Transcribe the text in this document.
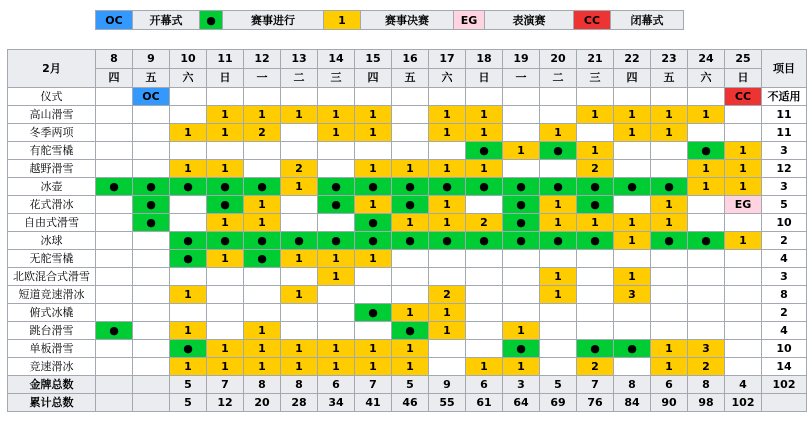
OC	开幕式	●	赛事进行	1	赛事决赛	EG	表演赛	CC	闭幕式
2月	8	9	10	11	12	13	14	15	16	17	18	19	20	21	22	23	24	25	项目
	四	五	六	日	一	二	三	四	五	六	日	一	二	三	四	五	六	日	
仪式		OC																CC	不适用
高山滑雪				1	1	1	1	1		1	1			1	1	1	1		11
冬季两项			1	1	2		1	1		1	1		1		1	1			11
有舵雪橇											●	1	●	1			●	1	3
越野滑雪			1	1		2		1	1	1	1			2			1	1	12
冰壶	●	●	●	●	●	1	●	●	●	●	●	●	●	●	●	●	1	1	3
花式滑冰		●		●	1		●	1	●	1		●	1	●		1		EG	5
自由式滑雪		●		1	1			●	1	1	2	●	1	1	1	1			10
冰球			●	●	●	●	●	●	●	●	●	●	●	●	1	●	●	1	2
无舵雪橇			●	1	●	1	1	1											4
北欧混合式滑雪							1						1		1				3
短道竞速滑冰			1			1				2			1		3				8
俯式冰橇								●	1	1									2
跳台滑雪	●		1		1				●	1		1							4
单板滑雪			●	1	1	1	1	1	1			●		●	●	1	3		10
竞速滑冰			1	1	1	1	1	1	1		1	1		2		1	2		14
金牌总数			5	7	8	8	6	7	5	9	6	3	5	7	8	6	8	4	102
累计总数			5	12	20	28	34	41	46	55	61	64	69	76	84	90	98	102	
